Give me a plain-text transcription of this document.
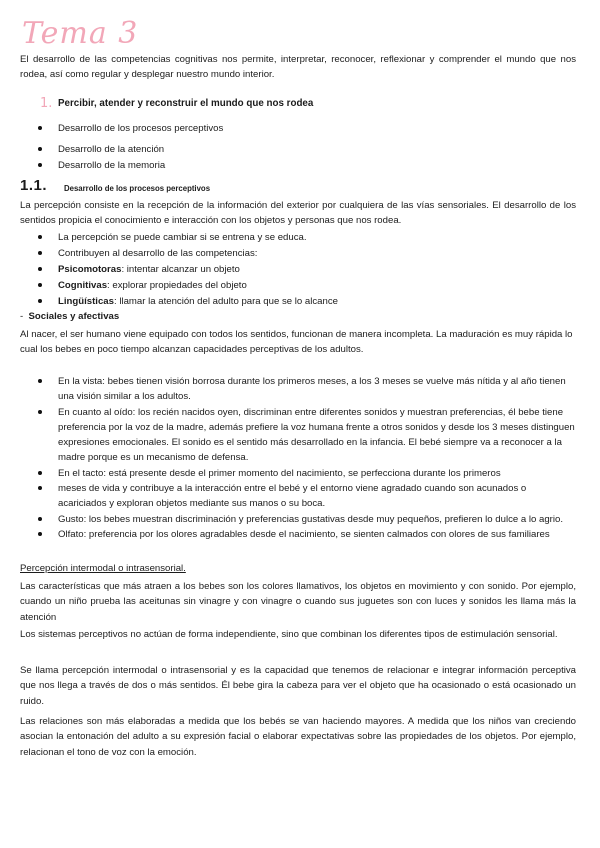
Tema 3

El desarrollo de las competencias cognitivas nos permite, interpretar, reconocer, reflexionar y comprender el mundo que nos rodea, así como regular y desplegar nuestro mundo interior.

1. Percibir, atender y reconstruir el mundo que nos rodea
Desarrollo de los procesos perceptivos
Desarrollo de la atención
Desarrollo de la memoria
1.1. Desarrollo de los procesos perceptivos

La percepción consiste en la recepción de la información del exterior por cualquiera de las vías sensoriales. El desarrollo de los sentidos propicia el conocimiento e interacción con los objetos y personas que nos rodea.

La percepción se puede cambiar si se entrena y se educa.
Contribuyen al desarrollo de las competencias:
Psicomotoras: intentar alcanzar un objeto
Cognitivas: explorar propiedades del objeto
Lingüísticas: llamar la atención del adulto para que se lo alcance
-  Sociales y afectivas

Al nacer, el ser humano viene equipado con todos los sentidos, funcionan de manera incompleta. La maduración es muy rápida lo cual los bebes en poco tiempo alcanzan capacidades perceptivas de los adultos.

En la vista: bebes tienen visión borrosa durante los primeros meses, a los 3 meses se vuelve más nítida y al año tienen una visión similar a los adultos.
En cuanto al oído: los recién nacidos oyen, discriminan entre diferentes sonidos y muestran preferencias, él bebe tiene preferencia por la voz de la madre, además prefiere la voz humana frente a otros sonidos y desde los 3 meses distinguen expresiones emocionales. El sonido es el sentido más desarrollado en la infancia. El bebé siempre va a reconocer a la madre porque es un mecanismo de defensa.
En el tacto: está presente desde el primer momento del nacimiento, se perfecciona durante los primeros
meses de vida y contribuye a la interacción entre el bebé y el entorno viene agradado cuando son acunados o acariciados y exploran objetos mediante sus manos o su boca.
Gusto: los bebes muestran discriminación y preferencias gustativas desde muy pequeños, prefieren lo dulce a lo agrio.
Olfato: preferencia por los olores agradables desde el nacimiento, se sienten calmados con olores de sus familiares
Percepción intermodal o intrasensorial.

Las características que más atraen a los bebes son los colores llamativos, los objetos en movimiento y con sonido. Por ejemplo, cuando un niño prueba las aceitunas sin vinagre y con vinagre o cuando sus juguetes son con luces y sonidos les llama más la atención

Los sistemas perceptivos no actúan de forma independiente, sino que combinan los diferentes tipos de estimulación sensorial.

Se llama percepción intermodal o intrasensorial y es la capacidad que tenemos de relacionar e integrar información perceptiva que nos llega a través de dos o más sentidos. Él bebe gira la cabeza para ver el objeto que ha ocasionado o está ocasionado un ruido.

Las relaciones son más elaboradas a medida que los bebés se van haciendo mayores. A medida que los niños van creciendo asocian la entonación del adulto a su expresión facial o elaborar expectativas sobre las propiedades de los objetos. Por ejemplo, relacionan el tono de voz con la emoción.
